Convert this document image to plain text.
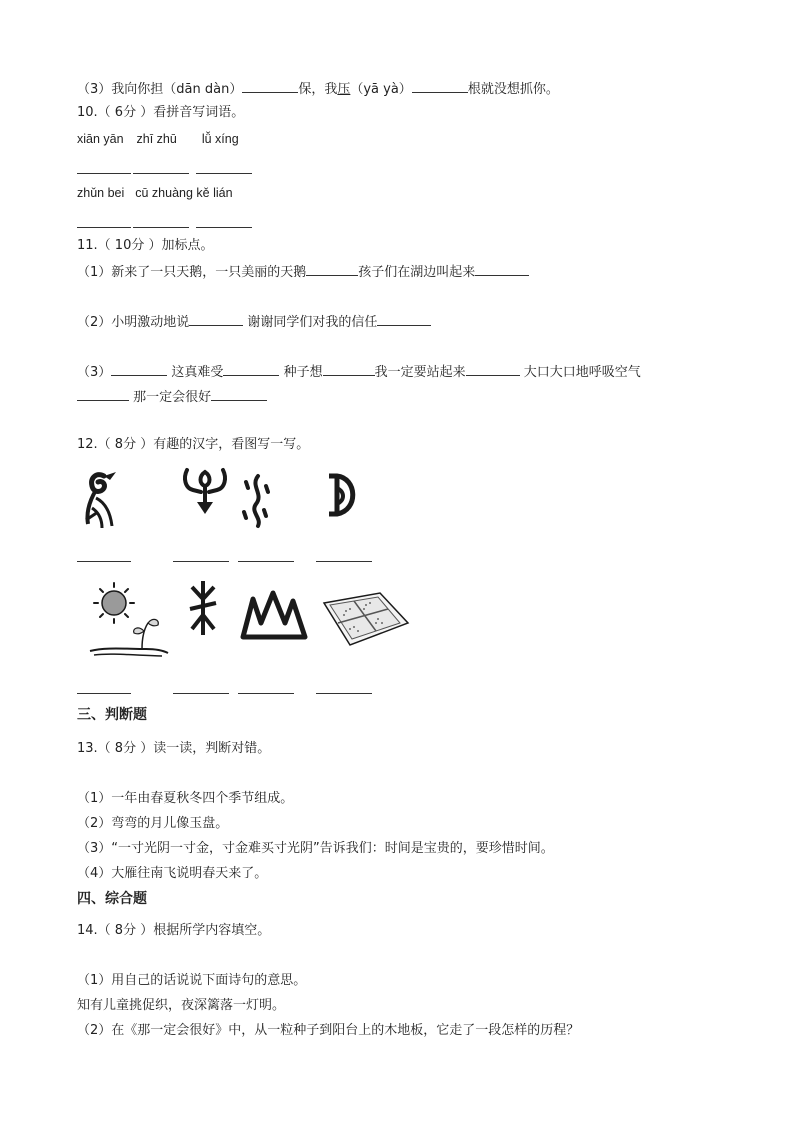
（3）我向你担（dān dàn）	保，我压（yā yà）	根就没想抓你。
10.（ 6分 ）看拼音写词语。
xiān yān zhī zhū lǚ xíng
zhǔn bei cū zhuàng kě lián
11.（ 10分 ）加标点。
（1）新来了一只天鹅，一只美丽的天鹅	孩子们在湖边叫起来
（2）小明激动地说	谢谢同学们对我的信任
（3）	这真难受	种子想	我一定要站起来	大口大口地呼吸空气
那一定会很好
12.（ 8分 ）有趣的汉字，看图写一写。
三、判断题
13.（ 8分 ）读一读，判断对错。
（1）一年由春夏秋冬四个季节组成。
（2）弯弯的月儿像玉盘。
（3）“一寸光阴一寸金，寸金难买寸光阴”告诉我们：时间是宝贵的，要珍惜时间。
（4）大雁往南飞说明春天来了。
四、综合题
14.（ 8分 ）根据所学内容填空。
（1）用自己的话说说下面诗句的意思。
知有儿童挑促织，夜深篱落一灯明。
（2）在《那一定会很好》中，从一粒种子到阳台上的木地板，它走了一段怎样的历程？
